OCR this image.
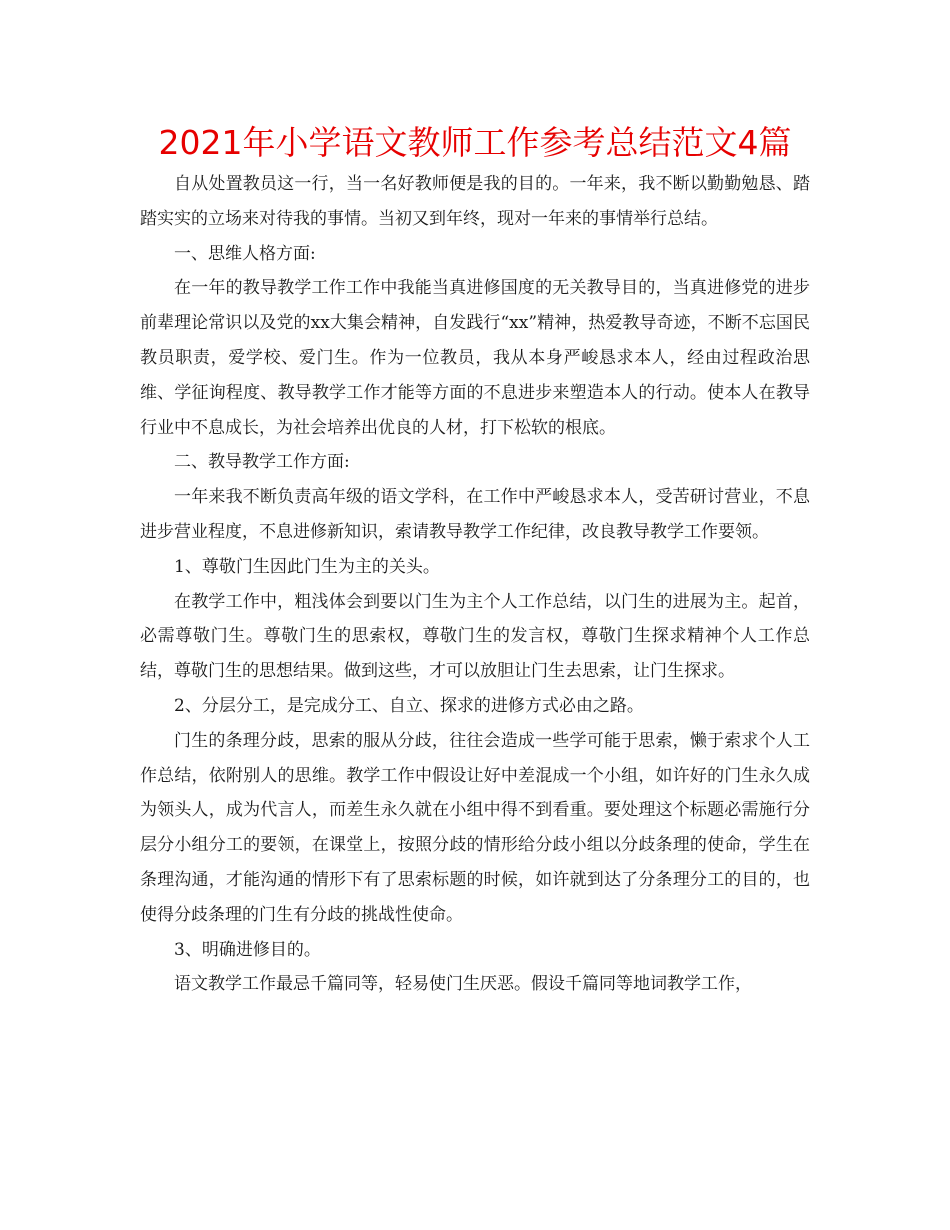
2021年小学语文教师工作参考总结范文4篇

自从处置教员这一行，当一名好教师便是我的目的。一年来，我不断以勤勤勉恳、踏踏实实的立场来对待我的事情。当初又到年终，现对一年来的事情举行总结。

一、思维人格方面:

在一年的教导教学工作工作中我能当真进修国度的无关教导目的，当真进修党的进步前辈理论常识以及党的xx大集会精神，自发践行“xx”精神，热爱教导奇迹，不断不忘国民教员职责，爱学校、爱门生。作为一位教员，我从本身严峻恳求本人，经由过程政治思维、学征询程度、教导教学工作才能等方面的不息进步来塑造本人的行动。使本人在教导行业中不息成长，为社会培养出优良的人材，打下松软的根底。

二、教导教学工作方面:

一年来我不断负责高年级的语文学科，在工作中严峻恳求本人，受苦研讨营业，不息进步营业程度，不息进修新知识，索请教导教学工作纪律，改良教导教学工作要领。

1、尊敬门生因此门生为主的关头。

在教学工作中，粗浅体会到要以门生为主个人工作总结，以门生的进展为主。起首，必需尊敬门生。尊敬门生的思索权，尊敬门生的发言权，尊敬门生探求精神个人工作总结，尊敬门生的思想结果。做到这些，才可以放胆让门生去思索，让门生探求。

2、分层分工，是完成分工、自立、探求的进修方式必由之路。

门生的条理分歧，思索的服从分歧，往往会造成一些学可能于思索，懒于索求个人工作总结，依附别人的思维。教学工作中假设让好中差混成一个小组，如许好的门生永久成为领头人，成为代言人，而差生永久就在小组中得不到看重。要处理这个标题必需施行分层分小组分工的要领，在课堂上，按照分歧的情形给分歧小组以分歧条理的使命，学生在条理沟通，才能沟通的情形下有了思索标题的时候，如许就到达了分条理分工的目的，也使得分歧条理的门生有分歧的挑战性使命。

3、明确进修目的。

语文教学工作最忌千篇同等，轻易使门生厌恶。假设千篇同等地词教学工作，
